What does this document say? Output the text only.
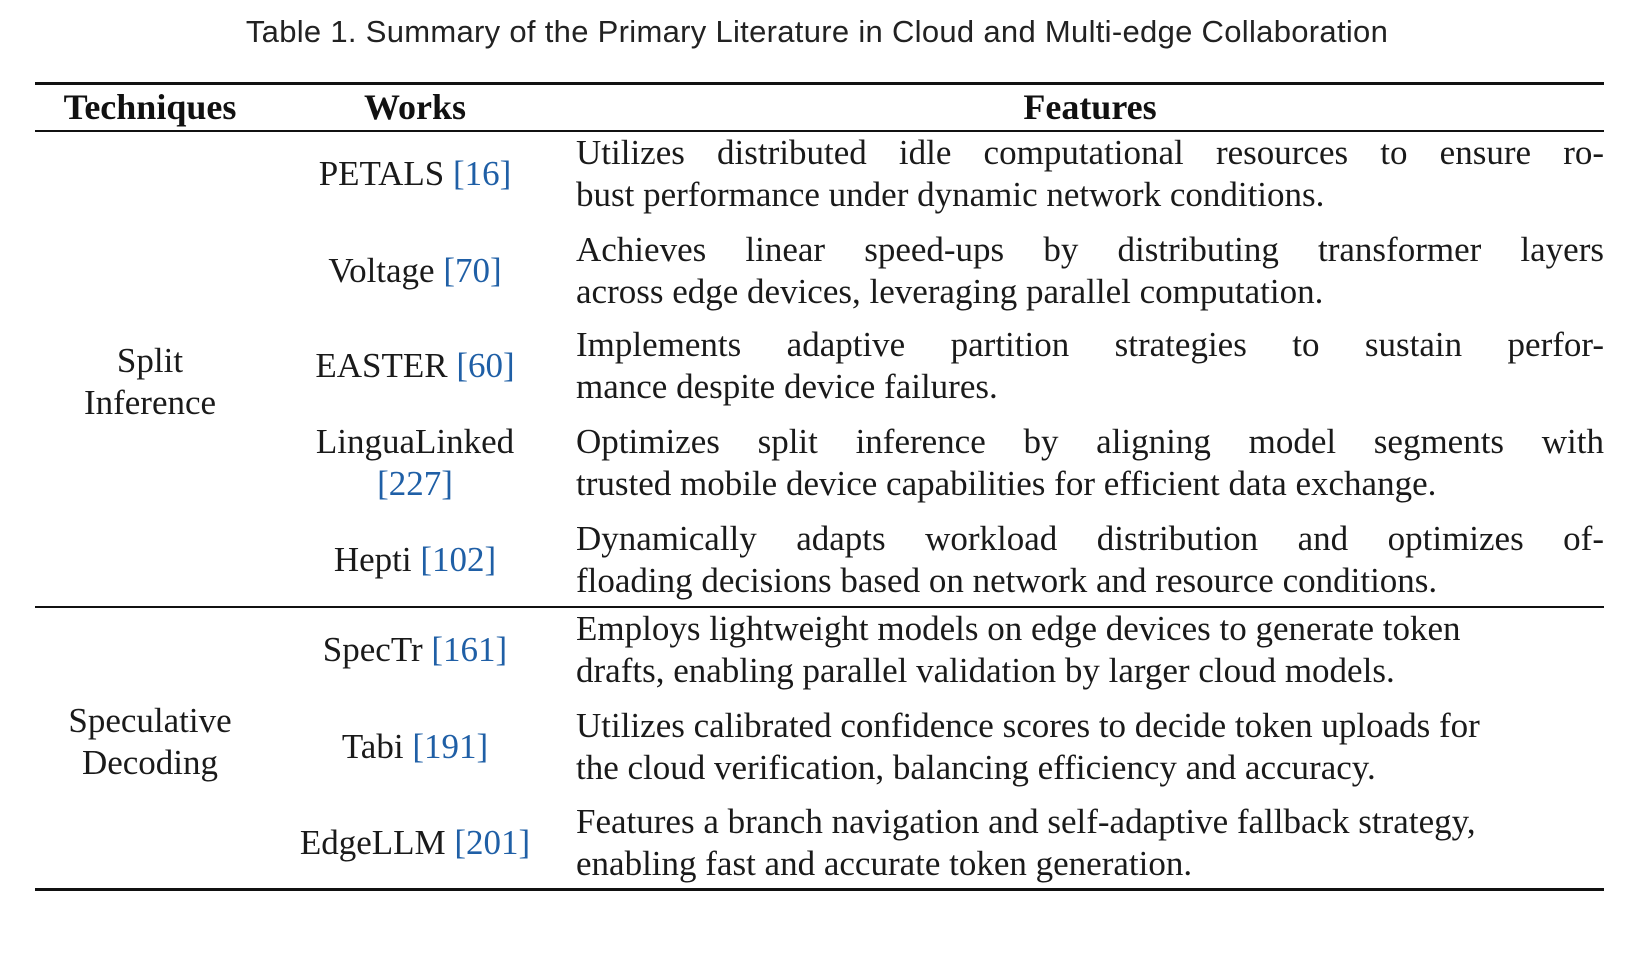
Table 1. Summary of the Primary Literature in Cloud and Multi-edge Collaboration
Techniques	Works	Features
Split
Inference
PETALS [16]
Utilizes distributed idle computational resources to ensure ro-
bust performance under dynamic network conditions.
Voltage [70]
Achieves linear speed-ups by distributing transformer layers
across edge devices, leveraging parallel computation.
EASTER [60]
Implements adaptive partition strategies to sustain perfor-
mance despite device failures.
LinguaLinked
[227]
Optimizes split inference by aligning model segments with
trusted mobile device capabilities for efficient data exchange.
Hepti [102]
Dynamically adapts workload distribution and optimizes of-
floading decisions based on network and resource conditions.
Speculative
Decoding
SpecTr [161]
Employs lightweight models on edge devices to generate token
drafts, enabling parallel validation by larger cloud models.
Tabi [191]
Utilizes calibrated confidence scores to decide token uploads for
the cloud verification, balancing efficiency and accuracy.
EdgeLLM [201]
Features a branch navigation and self-adaptive fallback strategy,
enabling fast and accurate token generation.
